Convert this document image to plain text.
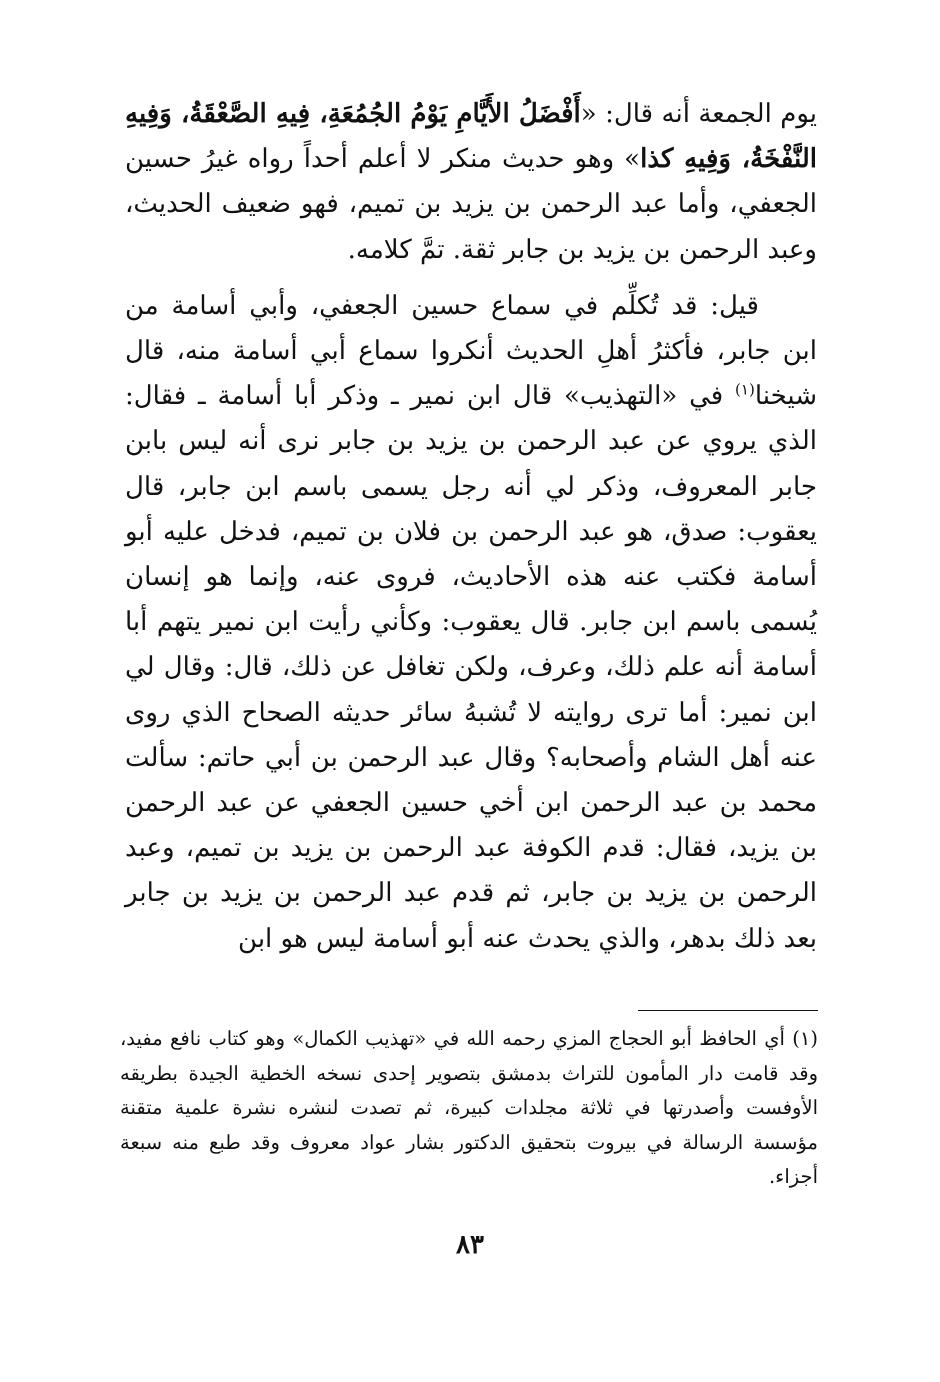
يوم الجمعة أنه قال: «أَفْضَلُ الأَيَّامِ يَوْمُ الجُمُعَةِ، فِيهِ الصَّعْقَةُ، وَفِيهِ النَّفْخَةُ، وَفِيهِ كذا» وهو حديث منكر لا أعلم أحداً رواه غيرُ حسين الجعفي، وأما عبد الرحمن بن يزيد بن تميم، فهو ضعيف الحديث، وعبد الرحمن بن يزيد بن جابر ثقة. تمَّ كلامه.

قيل: قد تُكلِّم في سماع حسين الجعفي، وأبي أسامة من ابن جابر، فأكثرُ أهلِ الحديث أنكروا سماع أبي أسامة منه، قال شيخنا$^{(١)}$ في «التهذيب» قال ابن نمير ـ وذكر أبا أسامة ـ فقال: الذي يروي عن عبد الرحمن بن يزيد بن جابر نرى أنه ليس بابن جابر المعروف، وذكر لي أنه رجل يسمى باسم ابن جابر، قال يعقوب: صدق، هو عبد الرحمن بن فلان بن تميم، فدخل عليه أبو أسامة فكتب عنه هذه الأحاديث، فروى عنه، وإنما هو إنسان يُسمى باسم ابن جابر. قال يعقوب: وكأني رأيت ابن نمير يتهم أبا أسامة أنه علم ذلك، وعرف، ولكن تغافل عن ذلك، قال: وقال لي ابن نمير: أما ترى روايته لا تُشبهُ سائر حديثه الصحاح الذي روى عنه أهل الشام وأصحابه؟ وقال عبد الرحمن بن أبي حاتم: سألت محمد بن عبد الرحمن ابن أخي حسين الجعفي عن عبد الرحمن بن يزيد، فقال: قدم الكوفة عبد الرحمن بن يزيد بن تميم، وعبد الرحمن بن يزيد بن جابر، ثم قدم عبد الرحمن بن يزيد بن جابر بعد ذلك بدهر، والذي يحدث عنه أبو أسامة ليس هو ابن

(١) أي الحافظ أبو الحجاج المزي رحمه الله في «تهذيب الكمال» وهو كتاب نافع مفيد، وقد قامت دار المأمون للتراث بدمشق بتصوير إحدى نسخه الخطية الجيدة بطريقه الأوفست وأصدرتها في ثلاثة مجلدات كبيرة، ثم تصدت لنشره نشرة علمية متقنة مؤسسة الرسالة في بيروت بتحقيق الدكتور بشار عواد معروف وقد طبع منه سبعة أجزاء.
٨٣
